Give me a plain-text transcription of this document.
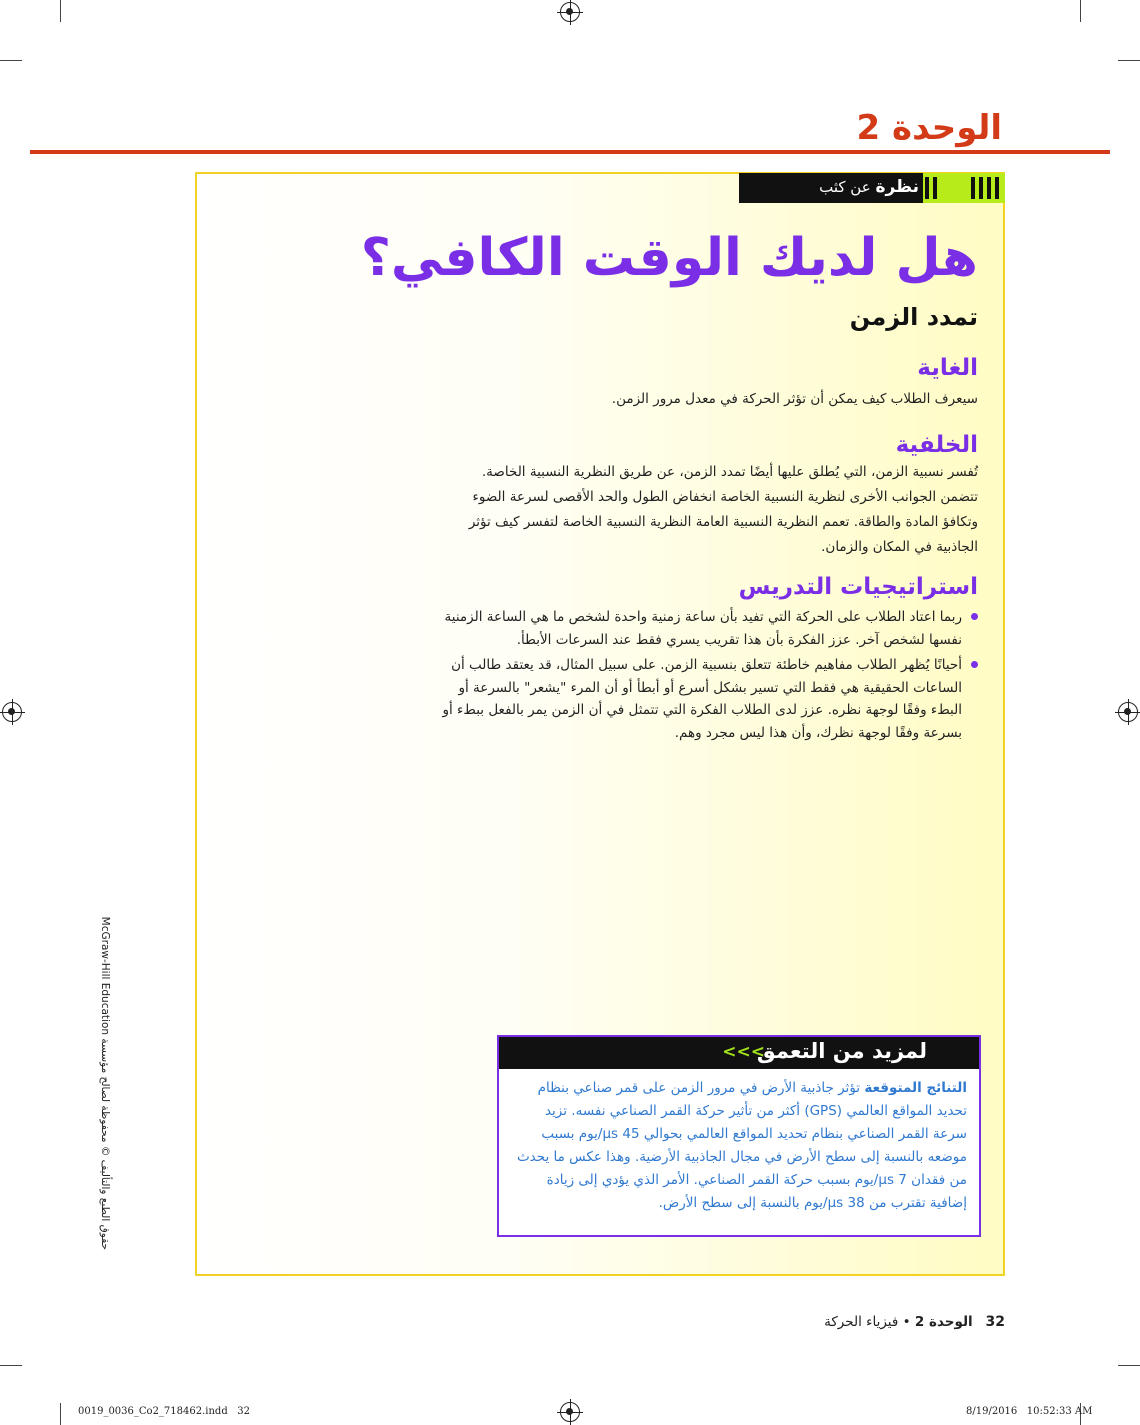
الوحدة 2
نظرة عن كثب
هل لديك الوقت الكافي؟
تمدد الزمن
الغاية
سيعرف الطلاب كيف يمكن أن تؤثر الحركة في معدل مرور الزمن.
الخلفية
تُفسر نسبية الزمن، التي يُطلق عليها أيضًا تمدد الزمن، عن طريق النظرية النسبية الخاصة. تتضمن الجوانب الأخرى لنظرية النسبية الخاصة انخفاض الطول والحد الأقصى لسرعة الضوء وتكافؤ المادة والطاقة. تعمم النظرية النسبية العامة النظرية النسبية الخاصة لتفسر كيف تؤثر الجاذبية في المكان والزمان.
استراتيجيات التدريس
ربما اعتاد الطلاب على الحركة التي تفيد بأن ساعة زمنية واحدة لشخص ما هي الساعة الزمنية نفسها لشخص آخر. عزز الفكرة بأن هذا تقريب يسري فقط عند السرعات الأبطأ.
أحيانًا يُظهر الطلاب مفاهيم خاطئة تتعلق بنسبية الزمن. على سبيل المثال، قد يعتقد طالب أن الساعات الحقيقية هي فقط التي تسير بشكل أسرع أو أبطأ أو أن المرء "يشعر" بالسرعة أو البطء وفقًا لوجهة نظره. عزز لدى الطلاب الفكرة التي تتمثل في أن الزمن يمر بالفعل ببطء أو بسرعة وفقًا لوجهة نظرك، وأن هذا ليس مجرد وهم.
لمزيد من التعمق
<<<
التنائج المتوقعة تؤثر جاذبية الأرض في مرور الزمن على قمر صناعي بنظام تحديد المواقع العالمي (GPS) أكثر من تأثير حركة القمر الصناعي نفسه. تزيد سرعة القمر الصناعي بنظام تحديد المواقع العالمي بحوالي 45 μs/يوم بسبب موضعه بالنسبة إلى سطح الأرض في مجال الجاذبية الأرضية. وهذا عكس ما يحدث من فقدان 7 μs/يوم بسبب حركة القمر الصناعي. الأمر الذي يؤدي إلى زيادة إضافية تقترب من 38 μs/يوم بالنسبة إلى سطح الأرض.
حقوق الطبع والتأليف © محفوظة لصالح مؤسسة McGraw-Hill Education
32   الوحدة 2 • فيزياء الحركة
0019_0036_Co2_718462.indd   32	8/19/2016   10:52:33 AM
